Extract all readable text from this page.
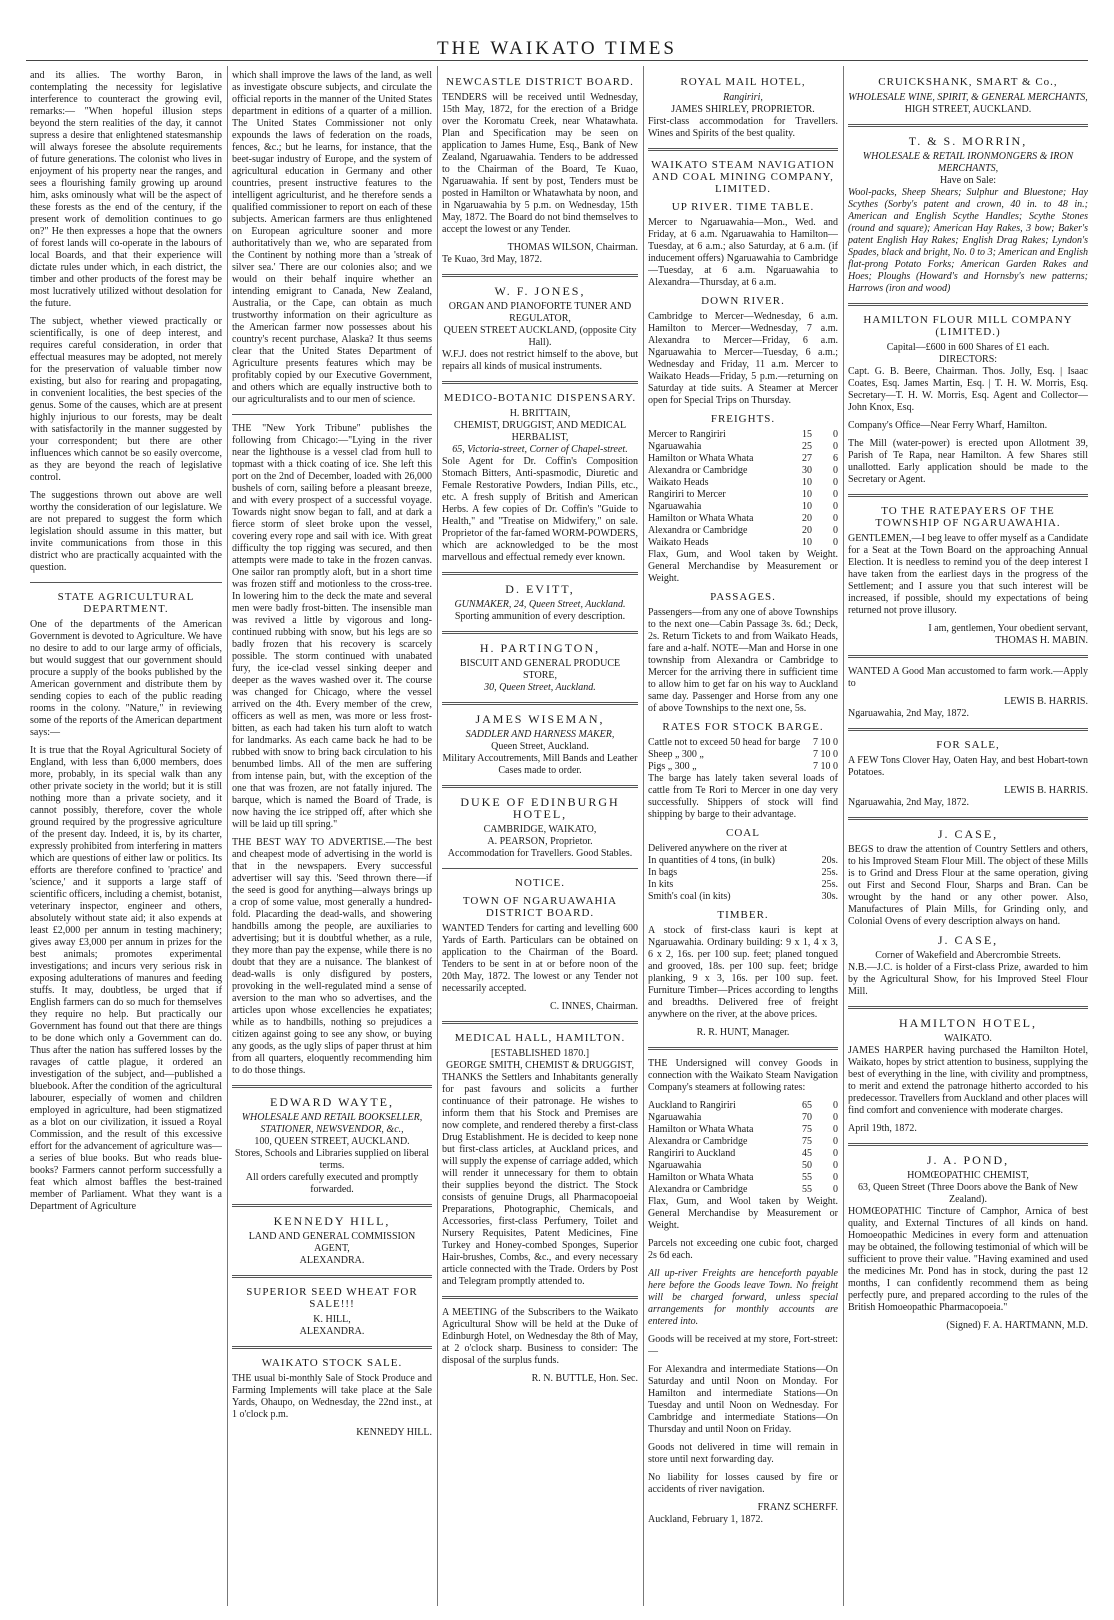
THE WAIKATO TIMES

and its allies. The worthy Baron, in contemplating the necessity for legislative interference to counteract the growing evil, remarks:— "When hopeful illusion steps beyond the stern realities of the day, it cannot supress a desire that enlightened statesmanship will always foresee the absolute requirements of future generations. The colonist who lives in enjoyment of his property near the ranges, and sees a flourishing family growing up around him, asks ominously what will be the aspect of these forests as the end of the century, if the present work of demolition continues to go on?" He then expresses a hope that the owners of forest lands will co-operate in the labours of local Boards, and that their experience will dictate rules under which, in each district, the timber and other products of the forest may be most lucratively utilized without desolation for the future.

The subject, whether viewed practically or scientifically, is one of deep interest, and requires careful consideration, in order that effectual measures may be adopted, not merely for the preservation of valuable timber now existing, but also for rearing and propagating, in convenient localities, the best species of the genus. Some of the causes, which are at present highly injurious to our forests, may be dealt with satisfactorily in the manner suggested by your correspondent; but there are other influences which cannot be so easily overcome, as they are beyond the reach of legislative control.

The suggestions thrown out above are well worthy the consideration of our legislature. We are not prepared to suggest the form which legislation should assume in this matter, but invite communications from those in this district who are practically acquainted with the question.

STATE AGRICULTURAL DEPARTMENT.

One of the departments of the American Government is devoted to Agriculture. We have no desire to add to our large army of officials, but would suggest that our government should procure a supply of the books published by the American government and distribute them by sending copies to each of the public reading rooms in the colony. "Nature," in reviewing some of the reports of the American department says:—

It is true that the Royal Agricultural Society of England, with less than 6,000 members, does more, probably, in its special walk than any other private society in the world; but it is still nothing more than a private society, and it cannot possibly, therefore, cover the whole ground required by the progressive agriculture of the present day. Indeed, it is, by its charter, expressly prohibited from interfering in matters which are questions of either law or politics. Its efforts are therefore confined to 'practice' and 'science,' and it supports a large staff of scientific officers, including a chemist, botanist, veterinary inspector, engineer and others, absolutely without state aid; it also expends at least £2,000 per annum in testing machinery; gives away £3,000 per annum in prizes for the best animals; promotes experimental investigations; and incurs very serious risk in exposing adulterations of manures and feeding stuffs. It may, doubtless, be urged that if English farmers can do so much for themselves they require no help. But practically our Government has found out that there are things to be done which only a Government can do. Thus after the nation has suffered losses by the ravages of cattle plague, it ordered an investigation of the subject, and—published a bluebook. After the condition of the agricultural labourer, especially of women and children employed in agriculture, had been stigmatized as a blot on our civilization, it issued a Royal Commission, and the result of this excessive effort for the advancement of agriculture was—a series of blue books. But who reads blue-books? Farmers cannot perform successfully a feat which almost baffles the best-trained member of Parliament. What they want is a Department of Agriculture

which shall improve the laws of the land, as well as investigate obscure subjects, and circulate the official reports in the manner of the United States department in editions of a quarter of a million. The United States Commissioner not only expounds the laws of federation on the roads, fences, &c.; but he learns, for instance, that the beet-sugar industry of Europe, and the system of agricultural education in Germany and other countries, present instructive features to the intelligent agriculturist, and he therefore sends a qualified commissioner to report on each of these subjects. American farmers are thus enlightened on European agriculture sooner and more authoritatively than we, who are separated from the Continent by nothing more than a 'streak of silver sea.' There are our colonies also; and we would on their behalf inquire whether an intending emigrant to Canada, New Zealand, Australia, or the Cape, can obtain as much trustworthy information on their agriculture as the American farmer now possesses about his country's recent purchase, Alaska? It thus seems clear that the United States Department of Agriculture presents features which may be profitably copied by our Executive Government, and others which are equally instructive both to our agriculturalists and to our men of science.

THE "New York Tribune" publishes the following from Chicago:—"Lying in the river near the lighthouse is a vessel clad from hull to topmast with a thick coating of ice. She left this port on the 2nd of December, loaded with 26,000 bushels of corn, sailing before a pleasant breeze, and with every prospect of a successful voyage. Towards night snow began to fall, and at dark a fierce storm of sleet broke upon the vessel, covering every rope and sail with ice. With great difficulty the top rigging was secured, and then attempts were made to take in the frozen canvas. One sailor ran promptly aloft, but in a short time was frozen stiff and motionless to the cross-tree. In lowering him to the deck the mate and several men were badly frost-bitten. The insensible man was revived a little by vigorous and long-continued rubbing with snow, but his legs are so badly frozen that his recovery is scarcely possible. The storm continued with unabated fury, the ice-clad vessel sinking deeper and deeper as the waves washed over it. The course was changed for Chicago, where the vessel arrived on the 4th. Every member of the crew, officers as well as men, was more or less frost-bitten, as each had taken his turn aloft to watch for landmarks. As each came back he had to be rubbed with snow to bring back circulation to his benumbed limbs. All of the men are suffering from intense pain, but, with the exception of the one that was frozen, are not fatally injured. The barque, which is named the Board of Trade, is now having the ice stripped off, after which she will be laid up till spring."

THE BEST WAY TO ADVERTISE.—The best and cheapest mode of advertising in the world is that in the newspapers. Every successful advertiser will say this. 'Seed thrown there—if the seed is good for anything—always brings up a crop of some value, most generally a hundred-fold. Placarding the dead-walls, and showering handbills among the people, are auxiliaries to advertising; but it is doubtful whether, as a rule, they more than pay the expense, while there is no doubt that they are a nuisance. The blankest of dead-walls is only disfigured by posters, provoking in the well-regulated mind a sense of aversion to the man who so advertises, and the articles upon whose excellencies he expatiates; while as to handbills, nothing so prejudices a citizen against going to see any show, or buying any goods, as the ugly slips of paper thrust at him from all quarters, eloquently recommending him to do those things.

EDWARD WAYTE,
WHOLESALE AND RETAIL BOOKSELLER, STATIONER, NEWSVENDOR, &c.,
100, QUEEN STREET, AUCKLAND.
Stores, Schools and Libraries supplied on liberal terms.
All orders carefully executed and promptly forwarded.
KENNEDY HILL,
LAND AND GENERAL COMMISSION AGENT,
ALEXANDRA.
SUPERIOR SEED WHEAT FOR SALE!!!
K. HILL,
ALEXANDRA.
WAIKATO STOCK SALE.

THE usual bi-monthly Sale of Stock Produce and Farming Implements will take place at the Sale Yards, Ohaupo, on Wednesday, the 22nd inst., at 1 o'clock p.m.

KENNEDY HILL.
NEWCASTLE DISTRICT BOARD.

TENDERS will be received until Wednesday, 15th May, 1872, for the erection of a Bridge over the Koromatu Creek, near Whatawhata. Plan and Specification may be seen on application to James Hume, Esq., Bank of New Zealand, Ngaruawahia. Tenders to be addressed to the Chairman of the Board, Te Kuao, Ngaruawahia. If sent by post, Tenders must be posted in Hamilton or Whatawhata by noon, and in Ngaruawahia by 5 p.m. on Wednesday, 15th May, 1872. The Board do not bind themselves to accept the lowest or any Tender.

THOMAS WILSON, Chairman.
Te Kuao, 3rd May, 1872.
W. F. JONES,
ORGAN AND PIANOFORTE TUNER AND REGULATOR,
QUEEN STREET AUCKLAND, (opposite City Hall).

W.F.J. does not restrict himself to the above, but repairs all kinds of musical instruments.

MEDICO-BOTANIC DISPENSARY.
H. BRITTAIN,
CHEMIST, DRUGGIST, AND MEDICAL HERBALIST,
65, Victoria-street, Corner of Chapel-street.

Sole Agent for Dr. Coffin's Composition Stomach Bitters, Anti-spasmodic, Diuretic and Female Restorative Powders, Indian Pills, etc., etc. A fresh supply of British and American Herbs. A few copies of Dr. Coffin's "Guide to Health," and "Treatise on Midwifery," on sale. Proprietor of the far-famed WORM-POWDERS, which are acknowledged to be the most marvellous and effectual remedy ever known.

D. EVITT,
GUNMAKER, 24, Queen Street, Auckland.
Sporting ammunition of every description.
H. PARTINGTON,
BISCUIT AND GENERAL PRODUCE STORE,
30, Queen Street, Auckland.
JAMES WISEMAN,
SADDLER AND HARNESS MAKER,
Queen Street, Auckland.
Military Accoutrements, Mill Bands and Leather Cases made to order.
DUKE OF EDINBURGH HOTEL,
CAMBRIDGE, WAIKATO,
A. PEARSON, Proprietor.
Accommodation for Travellers. Good Stables.
NOTICE.
TOWN OF NGARUAWAHIA DISTRICT BOARD.

WANTED Tenders for carting and levelling 600 Yards of Earth. Particulars can be obtained on application to the Chairman of the Board. Tenders to be sent in at or before noon of the 20th May, 1872. The lowest or any Tender not necessarily accepted.

C. INNES, Chairman.
MEDICAL HALL, HAMILTON.
[ESTABLISHED 1870.]
GEORGE SMITH, CHEMIST & DRUGGIST,

THANKS the Settlers and Inhabitants generally for past favours and solicits a further continuance of their patronage. He wishes to inform them that his Stock and Premises are now complete, and rendered thereby a first-class Drug Establishment. He is decided to keep none but first-class articles, at Auckland prices, and will supply the expense of carriage added, which will render it unnecessary for them to obtain their supplies beyond the district. The Stock consists of genuine Drugs, all Pharmacopoeial Preparations, Photographic, Chemicals, and Accessories, first-class Perfumery, Toilet and Nursery Requisites, Patent Medicines, Fine Turkey and Honey-combed Sponges, Superior Hair-brushes, Combs, &c., and every necessary article connected with the Trade. Orders by Post and Telegram promptly attended to.

A MEETING of the Subscribers to the Waikato Agricultural Show will be held at the Duke of Edinburgh Hotel, on Wednesday the 8th of May, at 2 o'clock sharp. Business to consider: The disposal of the surplus funds.

R. N. BUTTLE, Hon. Sec.
ROYAL MAIL HOTEL,
Rangiriri,
JAMES SHIRLEY, PROPRIETOR.

First-class accommodation for Travellers. Wines and Spirits of the best quality.

WAIKATO STEAM NAVIGATION AND COAL MINING COMPANY, LIMITED.
UP RIVER. TIME TABLE.

Mercer to Ngaruawahia—Mon., Wed. and Friday, at 6 a.m. Ngaruawahia to Hamilton—Tuesday, at 6 a.m.; also Saturday, at 6 a.m. (if inducement offers) Ngaruawahia to Cambridge—Tuesday, at 6 a.m. Ngaruawahia to Alexandra—Thursday, at 6 a.m.

DOWN RIVER.

Cambridge to Mercer—Wednesday, 6 a.m. Hamilton to Mercer—Wednesday, 7 a.m. Alexandra to Mercer—Friday, 6 a.m. Ngaruawahia to Mercer—Tuesday, 6 a.m.; Wednesday and Friday, 11 a.m. Mercer to Waikato Heads—Friday, 5 p.m.—returning on Saturday at tide suits. A Steamer at Mercer open for Special Trips on Thursday.

FREIGHTS.
Mercer to Rangiriri	15	0
Ngaruawahia	25	0
Hamilton or Whata Whata	27	6
Alexandra or Cambridge	30	0
Waikato Heads	10	0
Rangiriri to Mercer	10	0
Ngaruawahia	10	0
Hamilton or Whata Whata	20	0
Alexandra or Cambridge	20	0
Waikato Heads	10	0

Flax, Gum, and Wool taken by Weight. General Merchandise by Measurement or Weight.

PASSAGES.

Passengers—from any one of above Townships to the next one—Cabin Passage 3s. 6d.; Deck, 2s. Return Tickets to and from Waikato Heads, fare and a-half. NOTE—Man and Horse in one township from Alexandra or Cambridge to Mercer for the arriving there in sufficient time to allow him to get far on his way to Auckland same day. Passenger and Horse from any one of above Townships to the next one, 5s.

RATES FOR STOCK BARGE.
Cattle not to exceed 50 head for barge	7 10 0
Sheep „ 300 „	7 10 0
Pigs „ 300 „	7 10 0

The barge has lately taken several loads of cattle from Te Rori to Mercer in one day very successfully. Shippers of stock will find shipping by barge to their advantage.

COAL
Delivered anywhere on the river at
In quantities of 4 tons, (in bulk)	20s.
In bags	25s.
In kits	25s.
Smith's coal (in kits)	30s.
TIMBER.

A stock of first-class kauri is kept at Ngaruawahia. Ordinary building: 9 x 1, 4 x 3, 6 x 2, 16s. per 100 sup. feet; planed tongued and grooved, 18s. per 100 sup. feet; bridge planking, 9 x 3, 16s. per 100 sup. feet. Furniture Timber—Prices according to lengths and breadths. Delivered free of freight anywhere on the river, at the above prices.

R. R. HUNT, Manager.

THE Undersigned will convey Goods in connection with the Waikato Steam Navigation Company's steamers at following rates:

Auckland to Rangiriri	65	0
Ngaruawahia	70	0
Hamilton or Whata Whata	75	0
Alexandra or Cambridge	75	0
Rangiriri to Auckland	45	0
Ngaruawahia	50	0
Hamilton or Whata Whata	55	0
Alexandra or Cambridge	55	0

Flax, Gum, and Wool taken by Weight. General Merchandise by Measurement or Weight.

Parcels not exceeding one cubic foot, charged 2s 6d each.

All up-river Freights are henceforth payable here before the Goods leave Town. No freight will be charged forward, unless special arrangements for monthly accounts are entered into.

Goods will be received at my store, Fort-street:—

For Alexandra and intermediate Stations—On Saturday and until Noon on Monday. For Hamilton and intermediate Stations—On Tuesday and until Noon on Wednesday. For Cambridge and intermediate Stations—On Thursday and until Noon on Friday.

Goods not delivered in time will remain in store until next forwarding day.

No liability for losses caused by fire or accidents of river navigation.

FRANZ SCHERFF.
Auckland, February 1, 1872.
CRUICKSHANK, SMART & Co.,
WHOLESALE WINE, SPIRIT, & GENERAL MERCHANTS,
HIGH STREET, AUCKLAND.
T. & S. MORRIN,
WHOLESALE & RETAIL IRONMONGERS & IRON MERCHANTS,
Have on Sale:

Wool-packs, Sheep Shears; Sulphur and Bluestone; Hay Scythes (Sorby's patent and crown, 40 in. to 48 in.; American and English Scythe Handles; Scythe Stones (round and square); American Hay Rakes, 3 bow; Baker's patent English Hay Rakes; English Drag Rakes; Lyndon's Spades, black and bright, No. 0 to 3; American and English flat-prong Potato Forks; American Garden Rakes and Hoes; Ploughs (Howard's and Hornsby's new patterns; Harrows (iron and wood)

HAMILTON FLOUR MILL COMPANY (LIMITED.)
Capital—£600 in 600 Shares of £1 each.
DIRECTORS:

Capt. G. B. Beere, Chairman. Thos. Jolly, Esq. | Isaac Coates, Esq. James Martin, Esq. | T. H. W. Morris, Esq. Secretary—T. H. W. Morris, Esq. Agent and Collector—John Knox, Esq.

Company's Office—Near Ferry Wharf, Hamilton.

The Mill (water-power) is erected upon Allotment 39, Parish of Te Rapa, near Hamilton. A few Shares still unallotted. Early application should be made to the Secretary or Agent.

TO THE RATEPAYERS OF THE TOWNSHIP OF NGARUAWAHIA.

GENTLEMEN,—I beg leave to offer myself as a Candidate for a Seat at the Town Board on the approaching Annual Election. It is needless to remind you of the deep interest I have taken from the earliest days in the progress of the Settlement; and I assure you that such interest will be increased, if possible, should my expectations of being returned not prove illusory.

I am, gentlemen, Your obedient servant,
THOMAS H. MABIN.

WANTED A Good Man accustomed to farm work.—Apply to

LEWIS B. HARRIS.
Ngaruawahia, 2nd May, 1872.
FOR SALE,

A FEW Tons Clover Hay, Oaten Hay, and best Hobart-town Potatoes.

LEWIS B. HARRIS.
Ngaruawahia, 2nd May, 1872.
J. CASE,

BEGS to draw the attention of Country Settlers and others, to his Improved Steam Flour Mill. The object of these Mills is to Grind and Dress Flour at the same operation, giving out First and Second Flour, Sharps and Bran. Can be wrought by the hand or any other power. Also, Manufactures of Plain Mills, for Grinding only, and Colonial Ovens of every description always on hand.

J. CASE,
Corner of Wakefield and Abercrombie Streets.

N.B.—J.C. is holder of a First-class Prize, awarded to him by the Agricultural Show, for his Improved Steel Flour Mill.

HAMILTON HOTEL,
WAIKATO.

JAMES HARPER having purchased the Hamilton Hotel, Waikato, hopes by strict attention to business, supplying the best of everything in the line, with civility and promptness, to merit and extend the patronage hitherto accorded to his predecessor. Travellers from Auckland and other places will find comfort and convenience with moderate charges.

April 19th, 1872.
J. A. POND,
HOMŒOPATHIC CHEMIST,
63, Queen Street (Three Doors above the Bank of New Zealand).

HOMŒOPATHIC Tincture of Camphor, Arnica of best quality, and External Tinctures of all kinds on hand. Homoeopathic Medicines in every form and attenuation may be obtained, the following testimonial of which will be sufficient to prove their value. "Having examined and used the medicines Mr. Pond has in stock, during the past 12 months, I can confidently recommend them as being perfectly pure, and prepared according to the rules of the British Homoeopathic Pharmacopoeia."

(Signed) F. A. HARTMANN, M.D.
